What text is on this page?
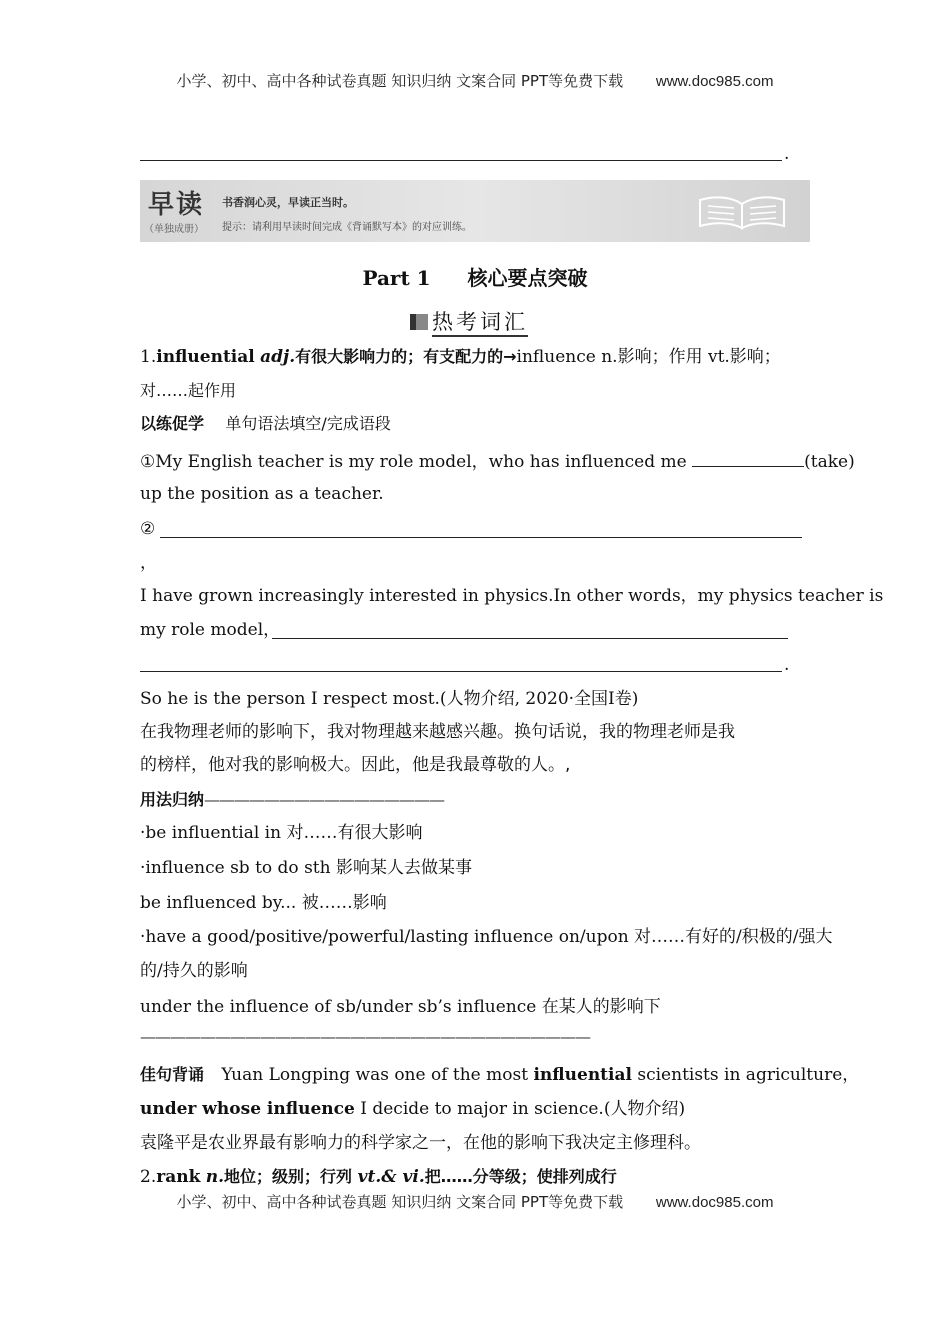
小学、初中、高中各种试卷真题 知识归纳 文案合同 PPT等免费下载 www.doc985.com
.
早读
（单独成册）
书香润心灵，早读正当时。
提示：请利用早读时间完成《背诵默写本》的对应训练。
Part 1 核心要点突破
热考词汇
1.influential adj.有很大影响力的；有支配力的→influence n.影响；作用 vt.影响；
对……起作用
以练促学 单句语法填空/完成语段
①My English teacher is my role model，who has influenced me	(take)
up the position as a teacher.
②
，
I have grown increasingly interested in physics.In other words，my physics teacher is
my role model，
.
So he is the person I respect most.(人物介绍, 2020·全国Ⅰ卷)
在我物理老师的影响下，我对物理越来越感兴趣。换句话说，我的物理老师是我
的榜样，他对我的影响极大。因此，他是我最尊敬的人。,
用法归纳————————————————
·be influential in 对……有很大影响
·influence sb to do sth 影响某人去做某事
be influenced by... 被……影响
·have a good/positive/powerful/lasting influence on/upon 对……有好的/积极的/强大
的/持久的影响
under the influence of sb/under sb’s influence 在某人的影响下
——————————————————————————————
佳句背诵 Yuan Longping was one of the most influential scientists in agriculture，
under whose influence I decide to major in science.(人物介绍)
袁隆平是农业界最有影响力的科学家之一，在他的影响下我决定主修理科。
2.rank n.地位；级别；行列 vt.& vi.把……分等级；使排列成行
小学、初中、高中各种试卷真题 知识归纳 文案合同 PPT等免费下载 www.doc985.com
